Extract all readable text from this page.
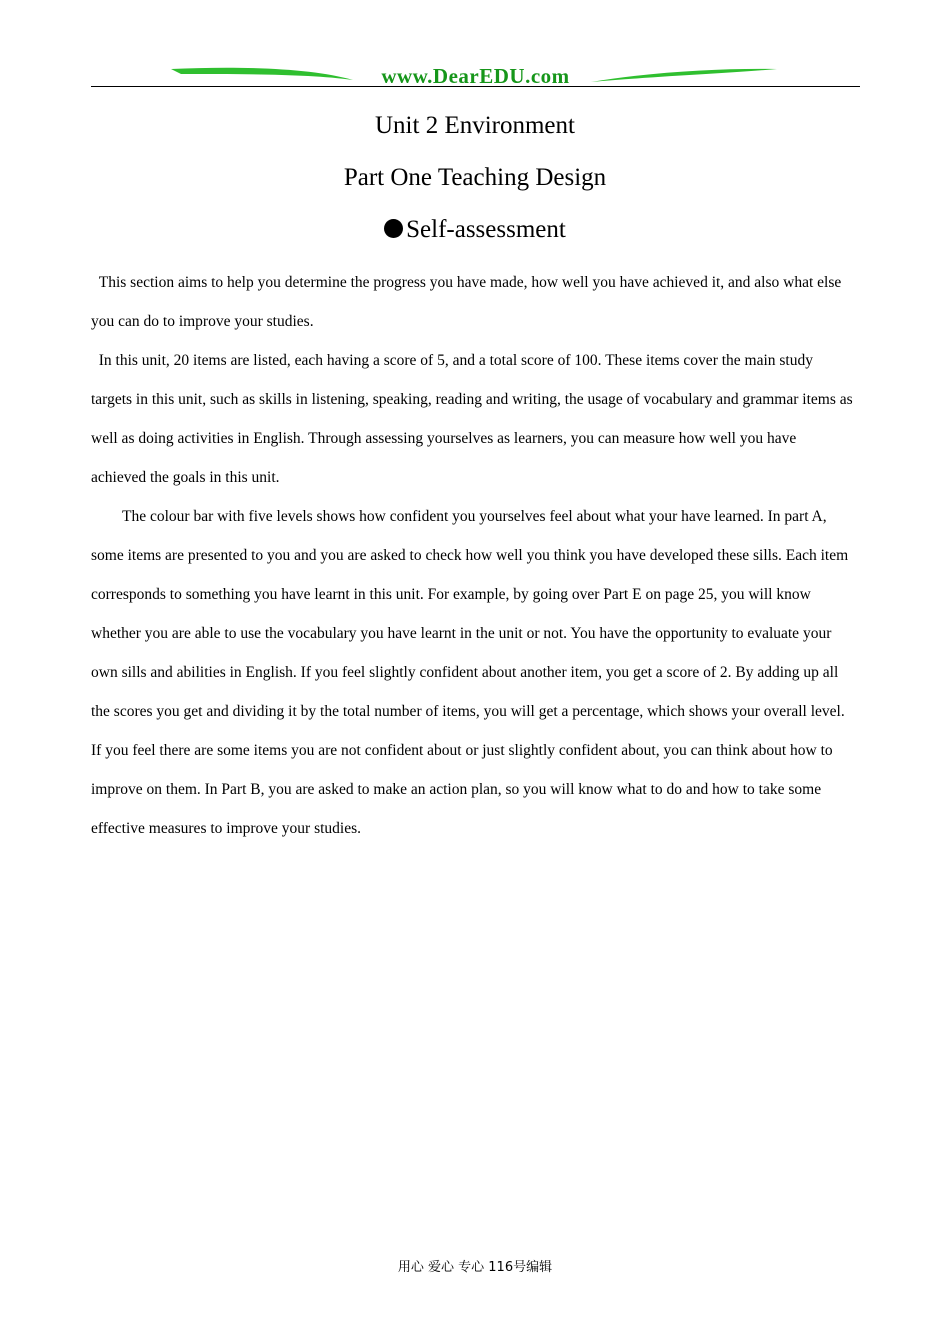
www.DearEDU.com
Unit 2 Environment
Part One Teaching Design
Self-assessment

This section aims to help you determine the progress you have made, how well you have achieved it, and also what else you can do to improve your studies.

In this unit, 20 items are listed, each having a score of 5, and a total score of 100. These items cover the main study targets in this unit, such as skills in listening, speaking, reading and writing, the usage of vocabulary and grammar items as well as doing activities in English. Through assessing yourselves as learners, you can measure how well you have achieved the goals in this unit.

The colour bar with five levels shows how confident you yourselves feel about what your have learned. In part A, some items are presented to you and you are asked to check how well you think you have developed these sills. Each item corresponds to something you have learnt in this unit. For example, by going over Part E on page 25, you will know whether you are able to use the vocabulary you have learnt in the unit or not. You have the opportunity to evaluate your own sills and abilities in English. If you feel slightly confident about another item, you get a score of 2. By adding up all the scores you get and dividing it by the total number of items, you will get a percentage, which shows your overall level. If you feel there are some items you are not confident about or just slightly confident about, you can think about how to improve on them. In Part B, you are asked to make an action plan, so you will know what to do and how to take some effective measures to improve your studies.

用心 爱心 专心 116号编辑
